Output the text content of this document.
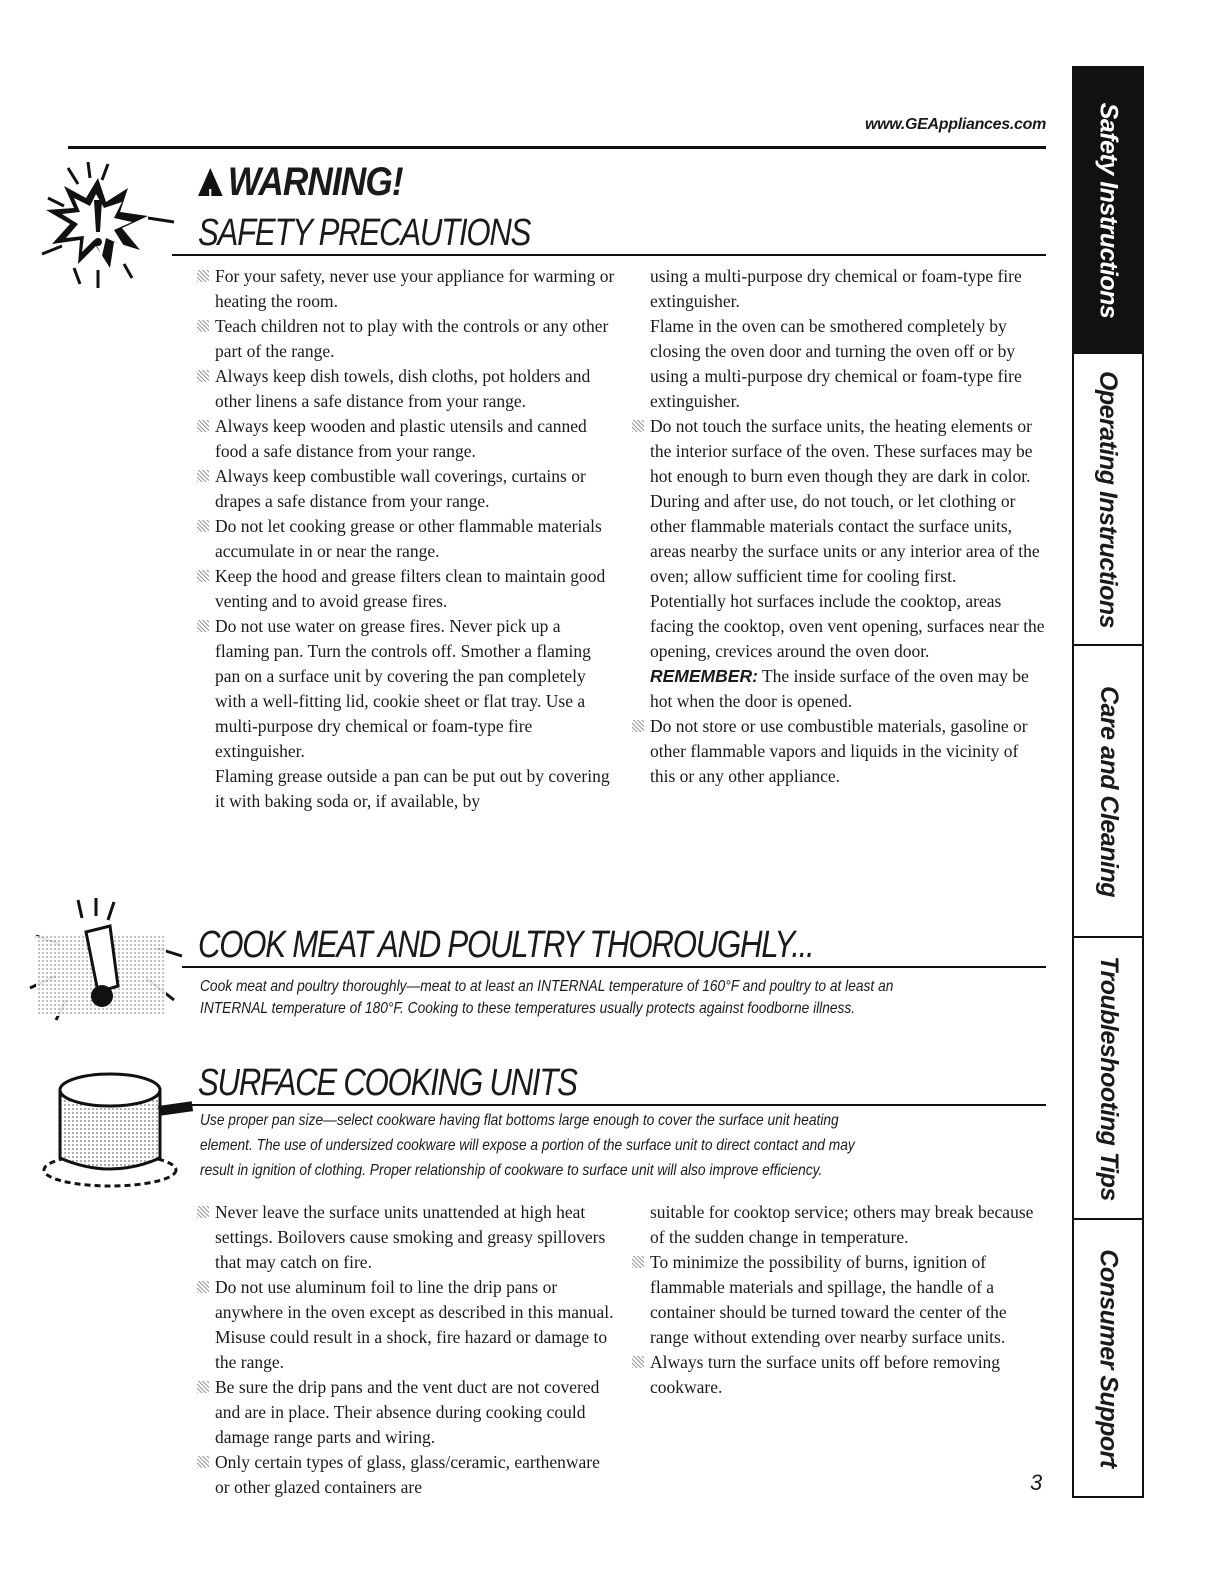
www.GEAppliances.com
!WARNING!
SAFETY PRECAUTIONS

For your safety, never use your appliance for warming or heating the room.

Teach children not to play with the controls or any other part of the range.

Always keep dish towels, dish cloths, pot holders and other linens a safe distance from your range.

Always keep wooden and plastic utensils and canned food a safe distance from your range.

Always keep combustible wall coverings, curtains or drapes a safe distance from your range.

Do not let cooking grease or other flammable materials accumulate in or near the range.

Keep the hood and grease filters clean to maintain good venting and to avoid grease fires.

Do not use water on grease fires. Never pick up a flaming pan. Turn the controls off. Smother a flaming pan on a surface unit by covering the pan completely with a well-fitting lid, cookie sheet or flat tray. Use a multi-purpose dry chemical or foam-type fire extinguisher.

Flaming grease outside a pan can be put out by covering it with baking soda or, if available, by

using a multi-purpose dry chemical or foam-type fire extinguisher.

Flame in the oven can be smothered completely by closing the oven door and turning the oven off or by using a multi-purpose dry chemical or foam-type fire extinguisher.

Do not touch the surface units, the heating elements or the interior surface of the oven. These surfaces may be hot enough to burn even though they are dark in color. During and after use, do not touch, or let clothing or other flammable materials contact the surface units, areas nearby the surface units or any interior area of the oven; allow sufficient time for cooling first.

Potentially hot surfaces include the cooktop, areas facing the cooktop, oven vent opening, surfaces near the opening, crevices around the oven door.

REMEMBER: The inside surface of the oven may be hot when the door is opened.

Do not store or use combustible materials, gasoline or other flammable vapors and liquids in the vicinity of this or any other appliance.

COOK MEAT AND POULTRY THOROUGHLY...
Cook meat and poultry thoroughly—meat to at least an INTERNAL temperature of 160°F and poultry to at least an
INTERNAL temperature of 180°F. Cooking to these temperatures usually protects against foodborne illness.
SURFACE COOKING UNITS
Use proper pan size—select cookware having flat bottoms large enough to cover the surface unit heating
element. The use of undersized cookware will expose a portion of the surface unit to direct contact and may
result in ignition of clothing. Proper relationship of cookware to surface unit will also improve efficiency.

Never leave the surface units unattended at high heat settings. Boilovers cause smoking and greasy spillovers that may catch on fire.

Do not use aluminum foil to line the drip pans or anywhere in the oven except as described in this manual. Misuse could result in a shock, fire hazard or damage to the range.

Be sure the drip pans and the vent duct are not covered and are in place. Their absence during cooking could damage range parts and wiring.

Only certain types of glass, glass/ceramic, earthenware or other glazed containers are

suitable for cooktop service; others may break because of the sudden change in temperature.

To minimize the possibility of burns, ignition of flammable materials and spillage, the handle of a container should be turned toward the center of the range without extending over nearby surface units.

Always turn the surface units off before removing cookware.

3
Safety Instructions
Operating Instructions
Care and Cleaning
Troubleshooting Tips
Consumer Support
